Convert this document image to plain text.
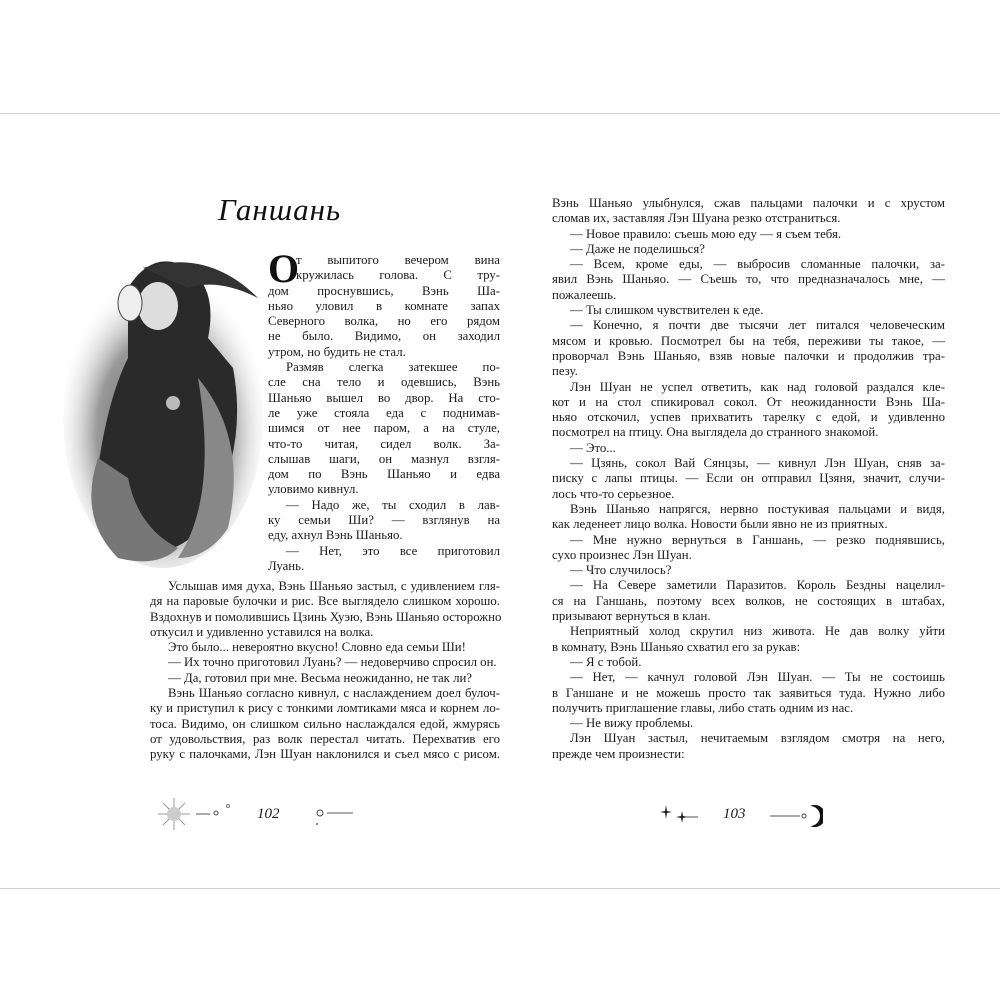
Ганшань
О
т выпитого вечером вина
кружилась голова. С тру-
дом проснувшись, Вэнь Ша-
ньяо уловил в комнате запах
Северного волка, но его рядом
не было. Видимо, он заходил
утром, но будить не стал.
Размяв слегка затекшее по-
сле сна тело и одевшись, Вэнь
Шаньяо вышел во двор. На сто-
ле уже стояла еда с поднимав-
шимся от нее паром, а на стуле,
что-то читая, сидел волк. За-
слышав шаги, он мазнул взгля-
дом по Вэнь Шаньяо и едва
уловимо кивнул.
— Надо же, ты сходил в лав-
ку семьи Ши? — взглянув на
еду, ахнул Вэнь Шаньяо.
— Нет, это все приготовил
Луань.
Услышав имя духа, Вэнь Шаньяо застыл, с удивлением гля-
дя на паровые булочки и рис. Все выглядело слишком хорошо.
Вздохнув и помолившись Цзинь Хуэю, Вэнь Шаньяо осторожно
откусил и удивленно уставился на волка.
Это было... невероятно вкусно! Словно еда семьи Ши!
— Их точно приготовил Луань? — недоверчиво спросил он.
— Да, готовил при мне. Весьма неожиданно, не так ли?
Вэнь Шаньяо согласно кивнул, с наслаждением доел булоч-
ку и приступил к рису с тонкими ломтиками мяса и корнем ло-
тоса. Видимо, он слишком сильно наслаждался едой, жмурясь
от удовольствия, раз волк перестал читать. Перехватив его
руку с палочками, Лэн Шуан наклонился и съел мясо с рисом.
Вэнь Шаньяо улыбнулся, сжав пальцами палочки и с хрустом
сломав их, заставляя Лэн Шуана резко отстраниться.
— Новое правило: съешь мою еду — я съем тебя.
— Даже не поделишься?
— Всем, кроме еды, — выбросив сломанные палочки, за-
явил Вэнь Шаньяо. — Съешь то, что предназначалось мне, —
пожалеешь.
— Ты слишком чувствителен к еде.
— Конечно, я почти две тысячи лет питался человеческим
мясом и кровью. Посмотрел бы на тебя, переживи ты такое, —
проворчал Вэнь Шаньяо, взяв новые палочки и продолжив тра-
пезу.
Лэн Шуан не успел ответить, как над головой раздался кле-
кот и на стол спикировал сокол. От неожиданности Вэнь Ша-
ньяо отскочил, успев прихватить тарелку с едой, и удивленно
посмотрел на птицу. Она выглядела до странного знакомой.
— Это...
— Цзянь, сокол Вай Сянцзы, — кивнул Лэн Шуан, сняв за-
писку с лапы птицы. — Если он отправил Цзяня, значит, случи-
лось что-то серьезное.
Вэнь Шаньяо напрягся, нервно постукивая пальцами и видя,
как леденеет лицо волка. Новости были явно не из приятных.
— Мне нужно вернуться в Ганшань, — резко поднявшись,
сухо произнес Лэн Шуан.
— Что случилось?
— На Севере заметили Паразитов. Король Бездны нацелил-
ся на Ганшань, поэтому всех волков, не состоящих в штабах,
призывают вернуться в клан.
Неприятный холод скрутил низ живота. Не дав волку уйти
в комнату, Вэнь Шаньяо схватил его за рукав:
— Я с тобой.
— Нет, — качнул головой Лэн Шуан. — Ты не состоишь
в Ганшане и не можешь просто так заявиться туда. Нужно либо
получить приглашение главы, либо стать одним из нас.
— Не вижу проблемы.
Лэн Шуан застыл, нечитаемым взглядом смотря на него,
прежде чем произнести:
102	103
